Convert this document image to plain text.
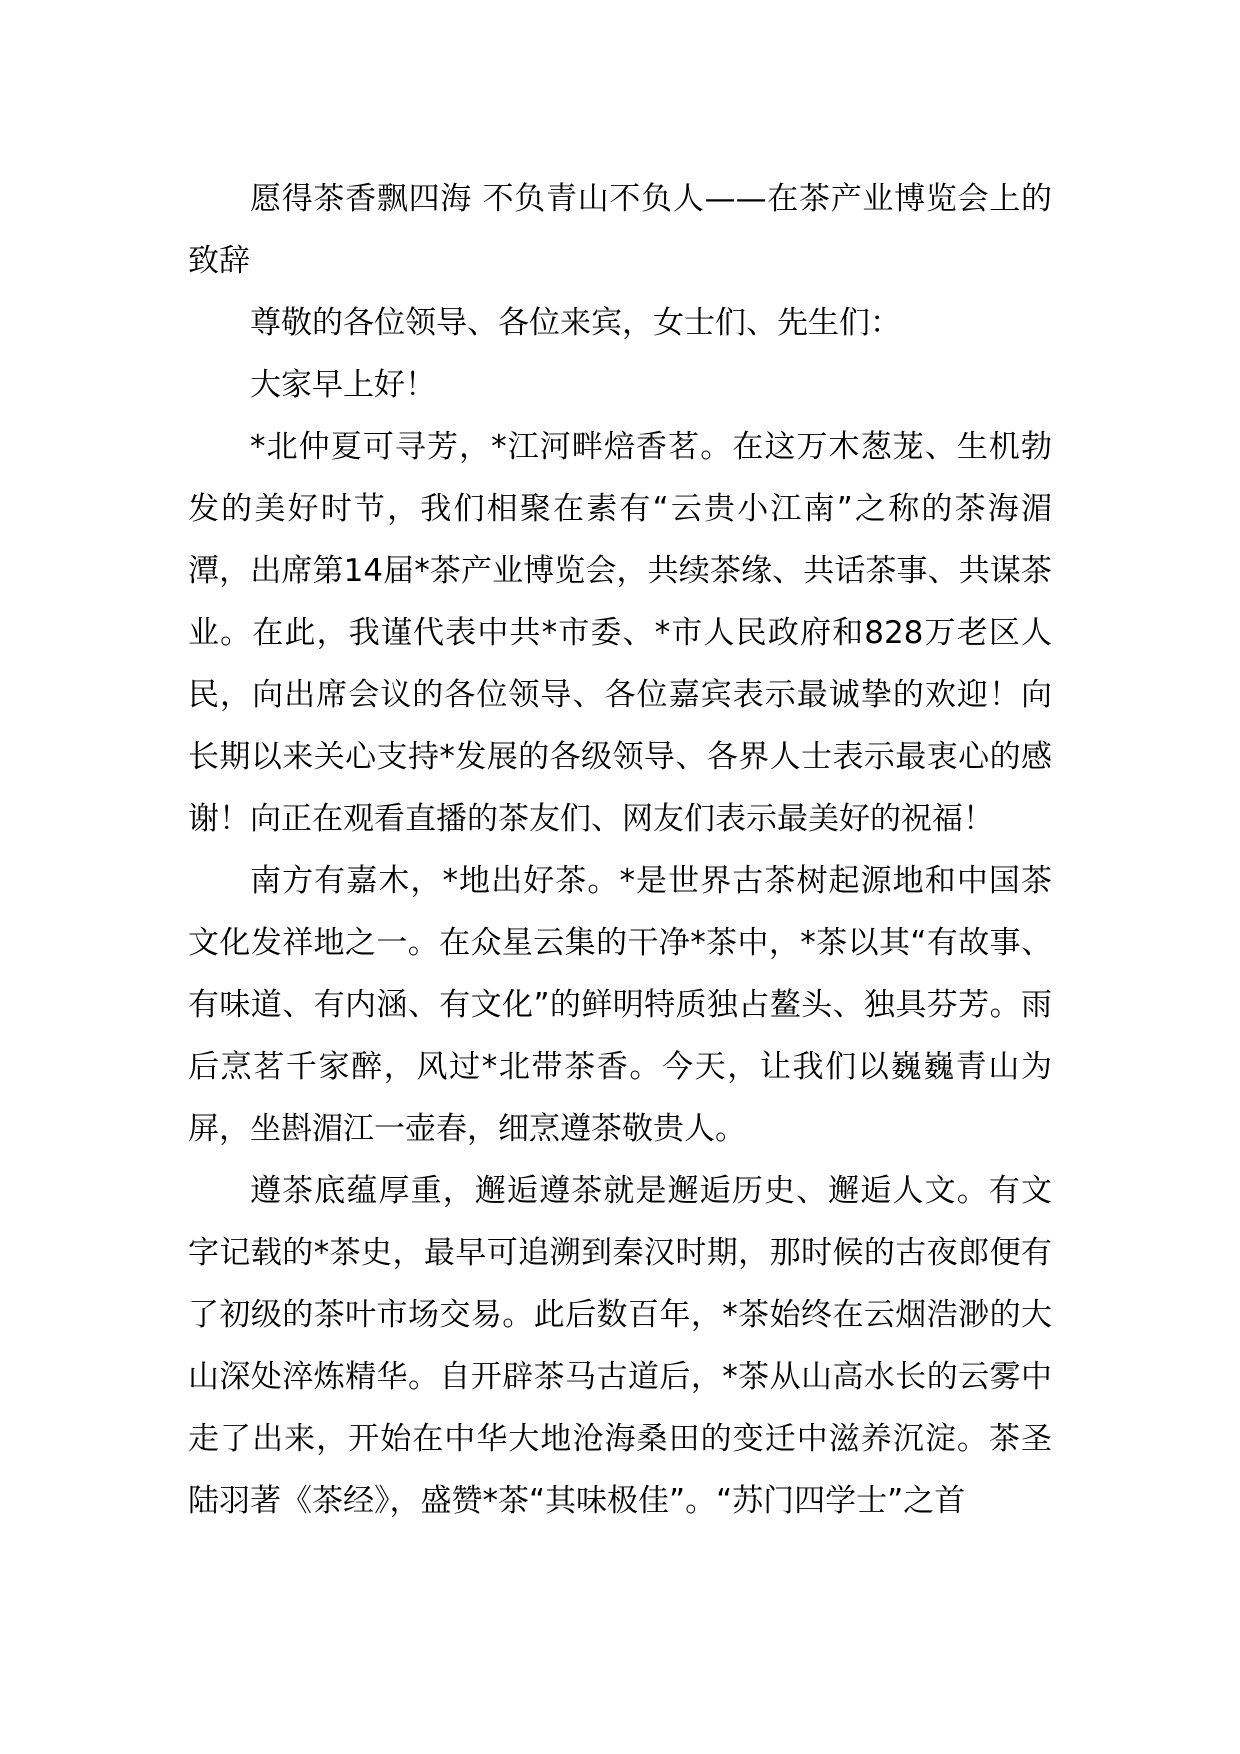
愿得茶香飘四海 不负青山不负人——在茶产业博览会上的致辞

尊敬的各位领导、各位来宾，女士们、先生们：

大家早上好！

*北仲夏可寻芳，*江河畔焙香茗。在这万木葱茏、生机勃发的美好时节，我们相聚在素有“云贵小江南”之称的茶海湄潭，出席第14届*茶产业博览会，共续茶缘、共话茶事、共谋茶业。在此，我谨代表中共*市委、*市人民政府和828万老区人民，向出席会议的各位领导、各位嘉宾表示最诚挚的欢迎！向长期以来关心支持*发展的各级领导、各界人士表示最衷心的感谢！向正在观看直播的茶友们、网友们表示最美好的祝福！

南方有嘉木，*地出好茶。*是世界古茶树起源地和中国茶文化发祥地之一。在众星云集的干净*茶中，*茶以其“有故事、有味道、有内涵、有文化”的鲜明特质独占鳌头、独具芬芳。雨后烹茗千家醉，风过*北带茶香。今天，让我们以巍巍青山为屏，坐斟湄江一壶春，细烹遵茶敬贵人。

遵茶底蕴厚重，邂逅遵茶就是邂逅历史、邂逅人文。有文字记载的*茶史，最早可追溯到秦汉时期，那时候的古夜郎便有了初级的茶叶市场交易。此后数百年，*茶始终在云烟浩渺的大山深处淬炼精华。自开辟茶马古道后，*茶从山高水长的云雾中走了出来，开始在中华大地沧海桑田的变迁中滋养沉淀。茶圣陆羽著《茶经》，盛赞*茶“其味极佳”。“苏门四学士”之首
